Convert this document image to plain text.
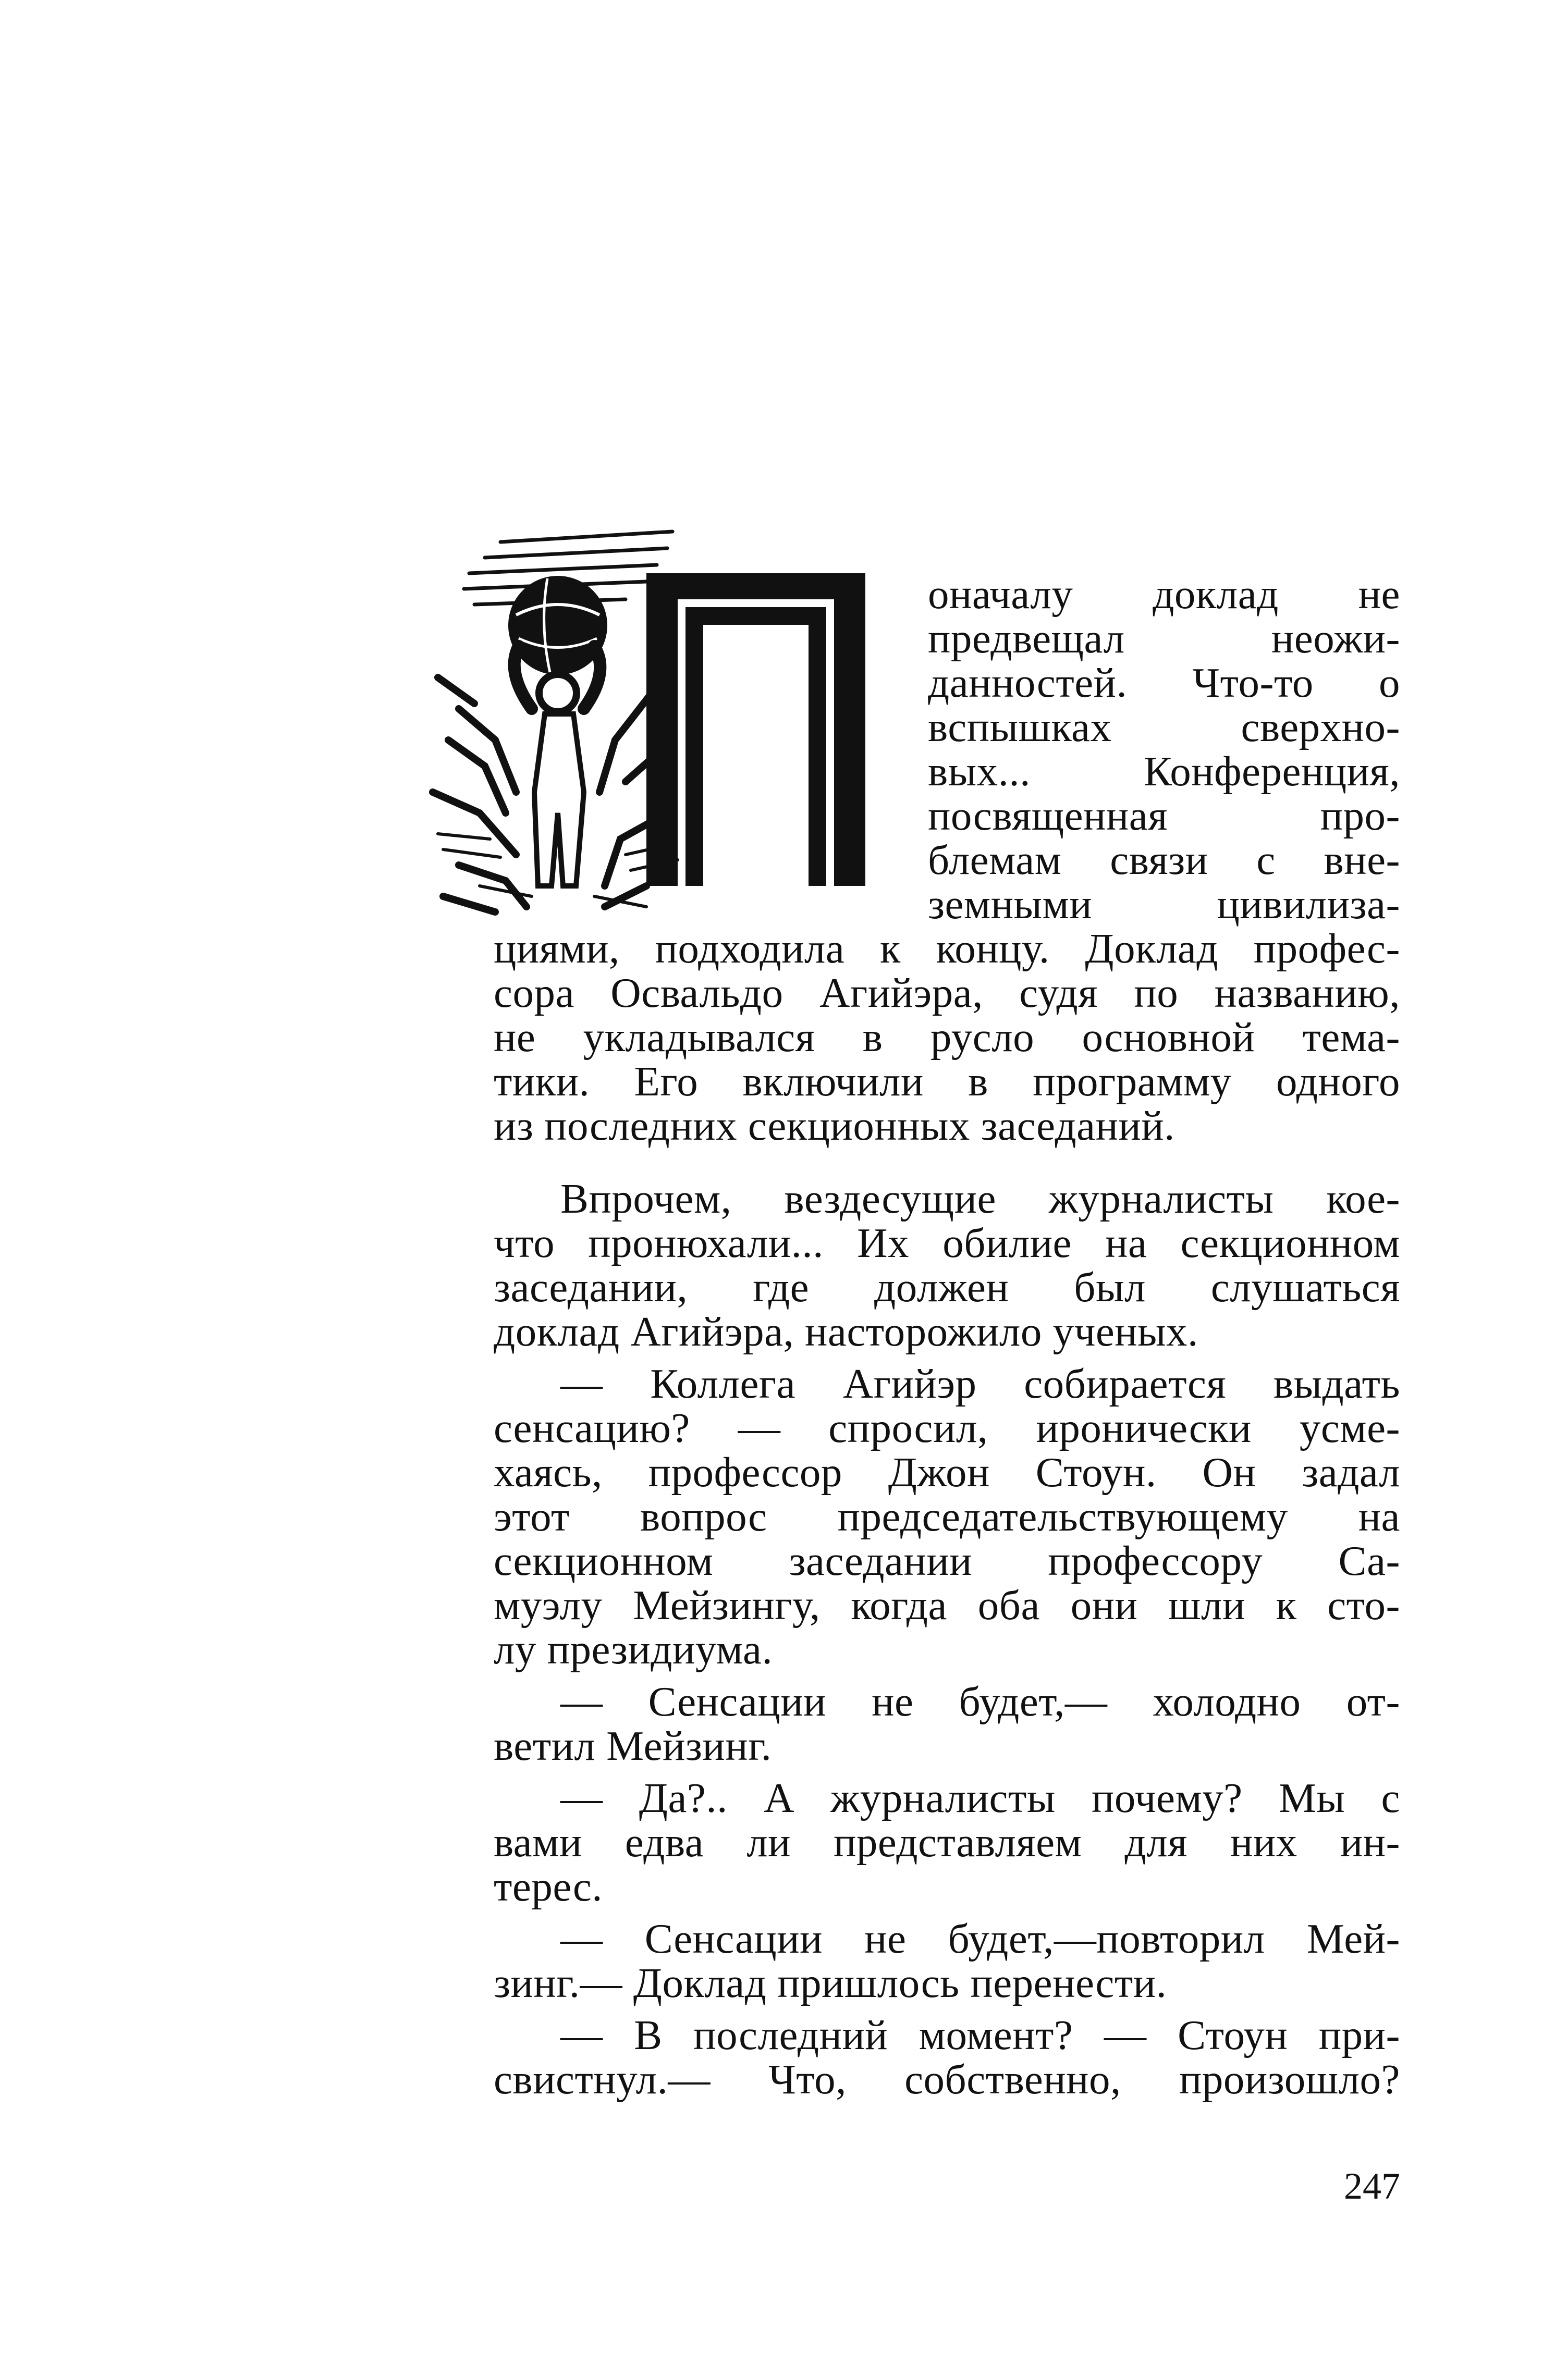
оначалу доклад не
предвещал неожи-
данностей. Что-то о
вспышках сверхно-
вых... Конференция,
посвященная про-
блемам связи с вне-
земными цивилиза-
циями, подходила к концу. Доклад профес-
сора Освальдо Агийэра, судя по названию,
не укладывался в русло основной тема-
тики. Его включили в программу одного
из последних секционных заседаний.
Впрочем, вездесущие журналисты кое-
что пронюхали... Их обилие на секционном
заседании, где должен был слушаться
доклад Агийэра, насторожило ученых.
— Коллега Агийэр собирается выдать
сенсацию? — спросил, иронически усме-
хаясь, профессор Джон Стоун. Он задал
этот вопрос председательствующему на
секционном заседании профессору Са-
муэлу Мейзингу, когда оба они шли к сто-
лу президиума.
— Сенсации не будет,— холодно от-
ветил Мейзинг.
— Да?.. А журналисты почему? Мы с
вами едва ли представляем для них ин-
терес.
— Сенсации не будет,—повторил Мей-
зинг.— Доклад пришлось перенести.
— В последний момент? — Стоун при-
свистнул.— Что, собственно, произошло?
247
